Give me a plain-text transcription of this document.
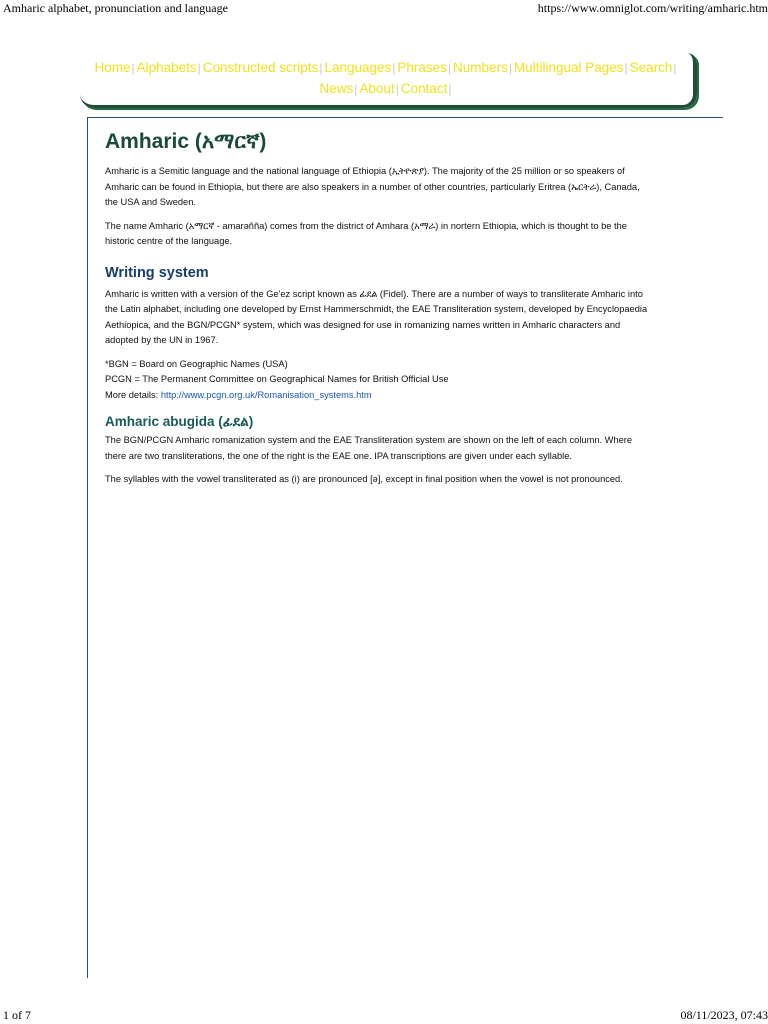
Amharic alphabet, pronunciation and language	https://www.omniglot.com/writing/amharic.htm
Home| Alphabets| Constructed scripts| Languages| Phrases| Numbers| Multilingual Pages| Search|
News| About| Contact|
Amharic (አማርኛ)

Amharic is a Semitic language and the national language of Ethiopia (ኢትዮጵያ). The majority of the 25 million or so speakers of Amharic can be found in Ethiopia, but there are also speakers in a number of other countries, particularly Eritrea (ኤርትራ), Canada, the USA and Sweden.

The name Amharic (አማርኛ - amarəñña) comes from the district of Amhara (አማራ) in nortern Ethiopia, which is thought to be the historic centre of the language.

Writing system

Amharic is written with a version of the Ge'ez script known as ፊደል (Fidel). There are a number of ways to transliterate Amharic into the Latin alphabet, including one developed by Ernst Hammerschmidt, the EAE Transliteration system, developed by Encyclopaedia Aethiopica, and the BGN/PCGN* system, which was designed for use in romanizing names written in Amharic characters and adopted by the UN in 1967.

*BGN = Board on Geographic Names (USA)
PCGN = The Permanent Committee on Geographical Names for British Official Use
More details: http://www.pcgn.org.uk/Romanisation_systems.htm

Amharic abugida (ፊደል)

The BGN/PCGN Amharic romanization system and the EAE Transliteration system are shown on the left of each column. Where there are two transliterations, the one of the right is the EAE one. IPA transcriptions are given under each syllable.

The syllables with the vowel transliterated as (i) are pronounced [ə], except in final position when the vowel is not pronounced.

1 of 7	08/11/2023, 07:43
